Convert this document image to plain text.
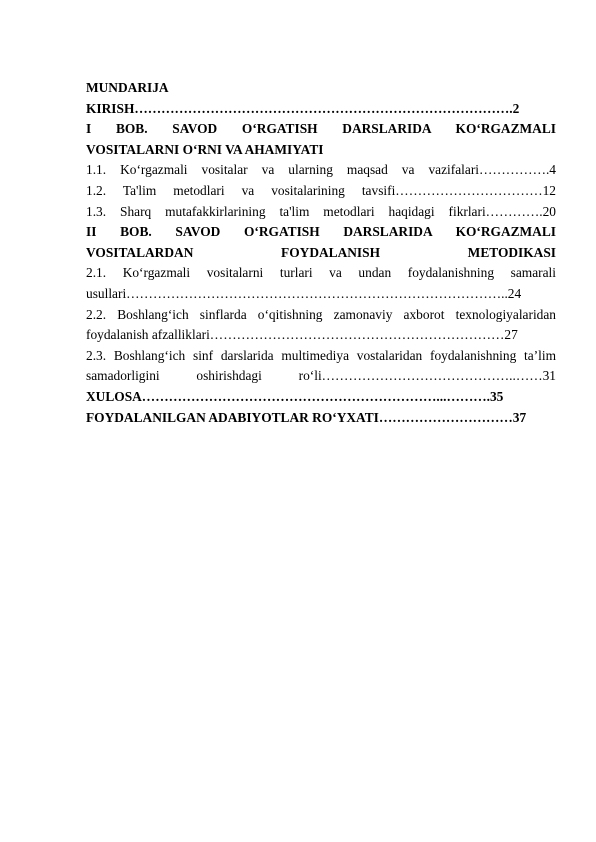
MUNDARIJA
KIRISH………………………………………………………………………….2
I BOB. SAVOD O‘RGATISH DARSLARIDA KO‘RGAZMALI
VOSITALARNI O‘RNI VA AHAMIYATI
1.1. Ko‘rgazmali vositalar va ularning maqsad va vazifalari…………….4
1.2. Ta'lim metodlari va vositalarining tavsifi……………………………12
1.3. Sharq mutafakkirlarining ta'lim metodlari haqidagi fikrlari………….20
II BOB. SAVOD O‘RGATISH DARSLARIDA KO‘RGAZMALI
VOSITALARDAN FOYDALANISH METODIKASI
2.1. Ko‘rgazmali vositalarni turlari va undan foydalanishning samarali
usullari…………………………………………………………………………..24
2.2. Boshlang‘ich sinflarda o‘qitishning zamonaviy axborot texnologiyalaridan
foydalanish afzalliklari…………………………………………………………27
2.3. Boshlang‘ich sinf darslarida multimediya vostalaridan foydalanishning ta’lim
samadorligini oshirishdagi ro‘li……………………………………..……31
XULOSA…………………………………………………………...……….35
FOYDALANILGAN ADABIYOTLAR RO‘YXATI…………………………37
